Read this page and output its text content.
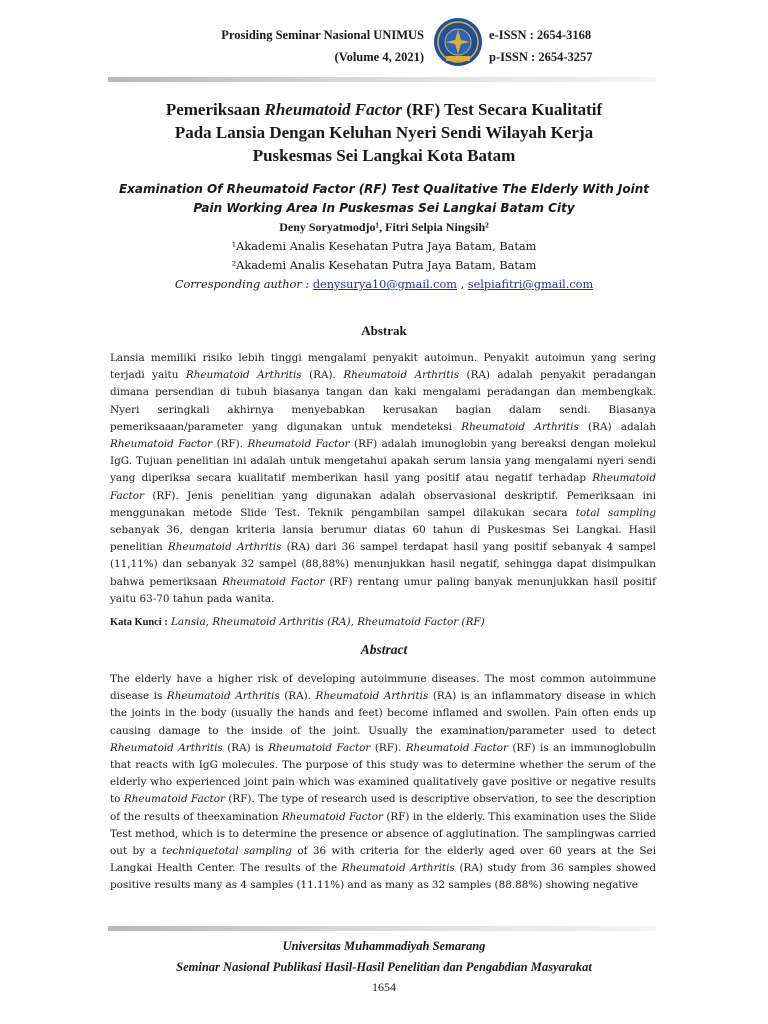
Prosiding Seminar Nasional UNIMUS
(Volume 4, 2021)
e-ISSN : 2654-3168
p-ISSN : 2654-3257
Pemeriksaan Rheumatoid Factor (RF) Test Secara Kualitatif
Pada Lansia Dengan Keluhan Nyeri Sendi Wilayah Kerja
Puskesmas Sei Langkai Kota Batam
Examination Of Rheumatoid Factor (RF) Test Qualitative The Elderly With Joint
Pain Working Area In Puskesmas Sei Langkai Batam City
Deny Soryatmodjo¹, Fitri Selpia Ningsih²
¹Akademi Analis Kesehatan Putra Jaya Batam, Batam
²Akademi Analis Kesehatan Putra Jaya Batam, Batam
Corresponding author : denysurya10@gmail.com , selpiafitri@gmail.com
Abstrak

Lansia memiliki risiko lebih tinggi mengalami penyakit autoimun. Penyakit autoimun yang sering terjadi yaitu Rheumatoid Arthritis (RA). Rheumatoid Arthritis (RA) adalah penyakit peradangan dimana persendian di tubuh biasanya tangan dan kaki mengalami peradangan dan membengkak. Nyeri seringkali akhirnya menyebabkan kerusakan bagian dalam sendi. Biasanya pemeriksaaan/parameter yang digunakan untuk mendeteksi Rheumatoid Arthritis (RA) adalah Rheumatoid Factor (RF). Rheumatoid Factor (RF) adalah imunoglobin yang bereaksi dengan molekul IgG. Tujuan penelitian ini adalah untuk mengetahui apakah serum lansia yang mengalami nyeri sendi yang diperiksa secara kualitatif memberikan hasil yang positif atau negatif terhadap Rheumatoid Factor (RF). Jenis penelitian yang digunakan adalah observasional deskriptif. Pemeriksaan ini menggunakan metode Slide Test. Teknik pengambilan sampel dilakukan secara total sampling sebanyak 36, dengan kriteria lansia berumur diatas 60 tahun di Puskesmas Sei Langkai. Hasil penelitian Rheumatoid Arthritis (RA) dari 36 sampel terdapat hasil yang positif sebanyak 4 sampel (11,11%) dan sebanyak 32 sampel (88,88%) menunjukkan hasil negatif, sehingga dapat disimpulkan bahwa pemeriksaan Rheumatoid Factor (RF) rentang umur paling banyak menunjukkan hasil positif yaitu 63-70 tahun pada wanita.

Kata Kunci : Lansia, Rheumatoid Arthritis (RA), Rheumatoid Factor (RF)
Abstract

The elderly have a higher risk of developing autoimmune diseases. The most common autoimmune disease is Rheumatoid Arthritis (RA). Rheumatoid Arthritis (RA) is an inflammatory disease in which the joints in the body (usually the hands and feet) become inflamed and swollen. Pain often ends up causing damage to the inside of the joint. Usually the examination/parameter used to detect Rheumatoid Arthritis (RA) is Rheumatoid Factor (RF). Rheumatoid Factor (RF) is an immunoglobulin that reacts with IgG molecules. The purpose of this study was to determine whether the serum of the elderly who experienced joint pain which was examined qualitatively gave positive or negative results to Rheumatoid Factor (RF). The type of research used is descriptive observation, to see the description of the results of theexamination Rheumatoid Factor (RF) in the elderly. This examination uses the Slide Test method, which is to determine the presence or absence of agglutination. The samplingwas carried out by a techniquetotal sampling of 36 with criteria for the elderly aged over 60 years at the Sei Langkai Health Center. The results of the Rheumatoid Arthritis (RA) study from 36 samples showed positive results many as 4 samples (11.11%) and as many as 32 samples (88.88%) showing negative

Universitas Muhammadiyah Semarang
Seminar Nasional Publikasi Hasil-Hasil Penelitian dan Pengabdian Masyarakat
1654
